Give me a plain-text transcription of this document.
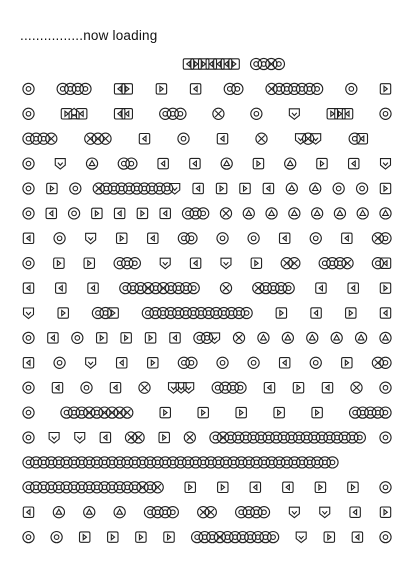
................now loading
